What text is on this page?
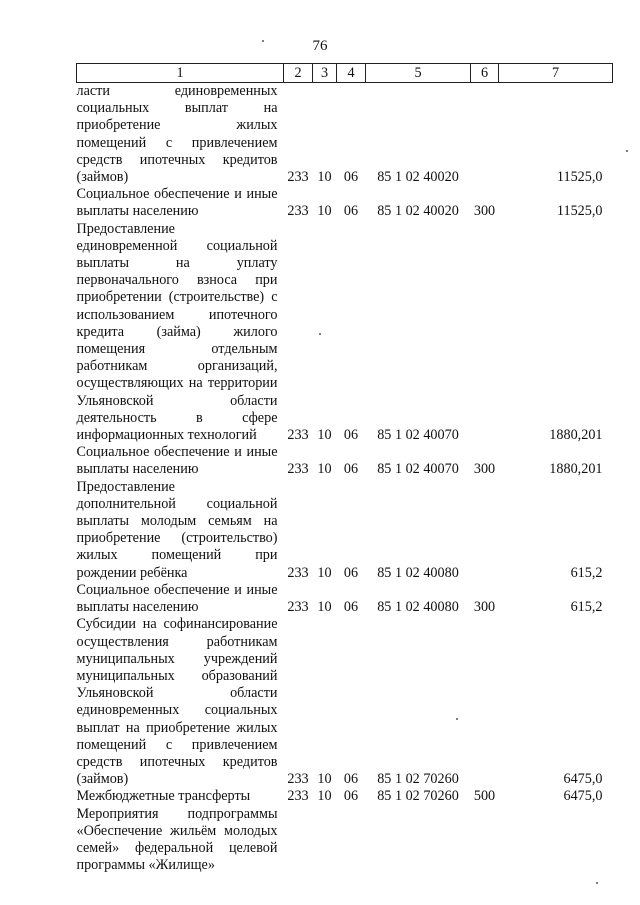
76
1	2	3	4	5	6	7
ласти единовременных социальных выплат на приобретение жилых помещений с привлечением средств ипотечных кредитов (займов)	233	10	06	85 1 02 40020		11525,0
Социальное обеспечение и иные выплаты населению	233	10	06	85 1 02 40020	300	11525,0
Предоставление единовременной социальной выплаты на уплату первоначального взноса при приобретении (строительстве) с использованием ипотечного кредита (займа) жилого помещения отдельным работникам организаций, осуществляющих на территории Ульяновской области деятельность в сфере информационных технологий	233	10	06	85 1 02 40070		1880,201
Социальное обеспечение и иные выплаты населению	233	10	06	85 1 02 40070	300	1880,201
Предоставление дополнительной социальной выплаты молодым семьям на приобретение (строительство) жилых помещений при рождении ребёнка	233	10	06	85 1 02 40080		615,2
Социальное обеспечение и иные выплаты населению	233	10	06	85 1 02 40080	300	615,2
Субсидии на софинансирование осуществления работникам муниципальных учреждений муниципальных образований Ульяновской области единовременных социальных выплат на приобретение жилых помещений с привлечением средств ипотечных кредитов (займов)	233	10	06	85 1 02 70260		6475,0
Межбюджетные трансферты	233	10	06	85 1 02 70260	500	6475,0
Мероприятия подпрограммы «Обеспечение жильём молодых семей» федеральной целевой программы «Жилище»						
